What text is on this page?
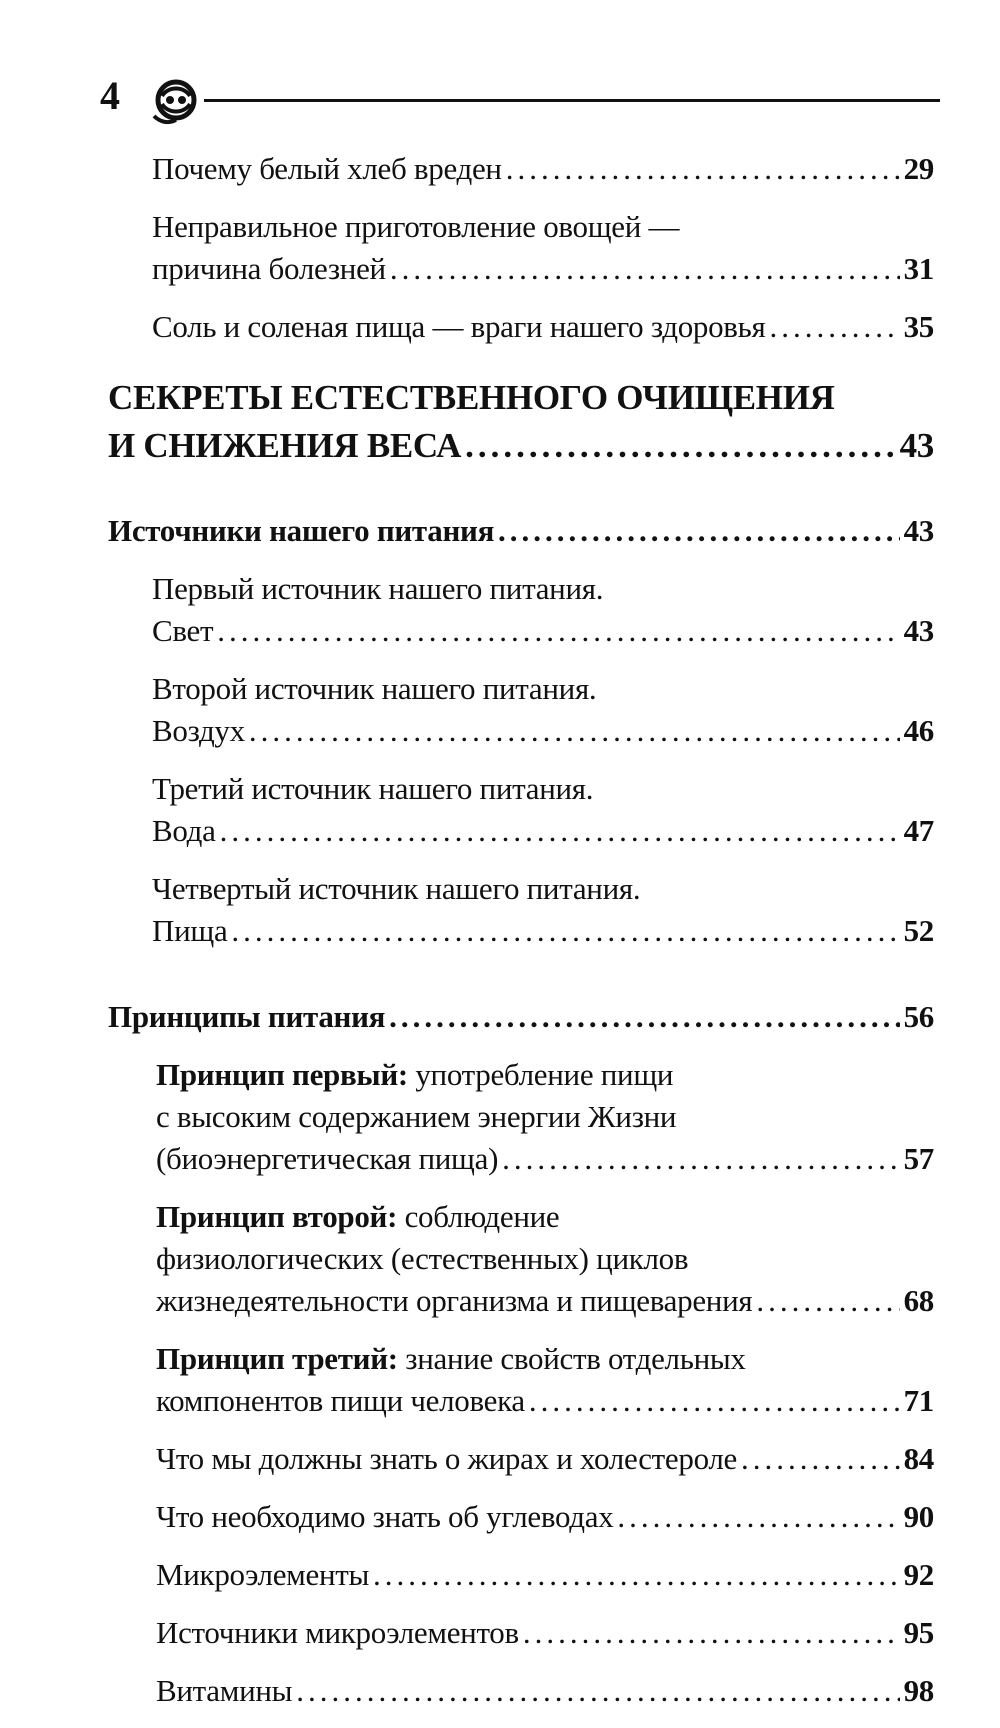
4
Почему белый хлеб вреден .....	29
Неправильное приготовление овощей —
причина болезней .....	31
Соль и соленая пища — враги нашего здоровья .....	35
СЕКРЕТЫ ЕСТЕСТВЕННОГО ОЧИЩЕНИЯ
И СНИЖЕНИЯ ВЕСА .....	43
Источники нашего питания .....	43
Первый источник нашего питания.
Свет .....	43
Второй источник нашего питания.
Воздух .....	46
Третий источник нашего питания.
Вода .....	47
Четвертый источник нашего питания.
Пища .....	52
Принципы питания .....	56
Принцип первый: употребление пищи
с высоким содержанием энергии Жизни
(биоэнергетическая пища) .....	57
Принцип второй: соблюдение
физиологических (естественных) циклов
жизнедеятельности организма и пищеварения .....	68
Принцип третий: знание свойств отдельных
компонентов пищи человека .....	71
Что мы должны знать о жирах и холестероле .....	84
Что необходимо знать об углеводах .....	90
Микроэлементы .....	92
Источники микроэлементов .....	95
Витамины .....	98
